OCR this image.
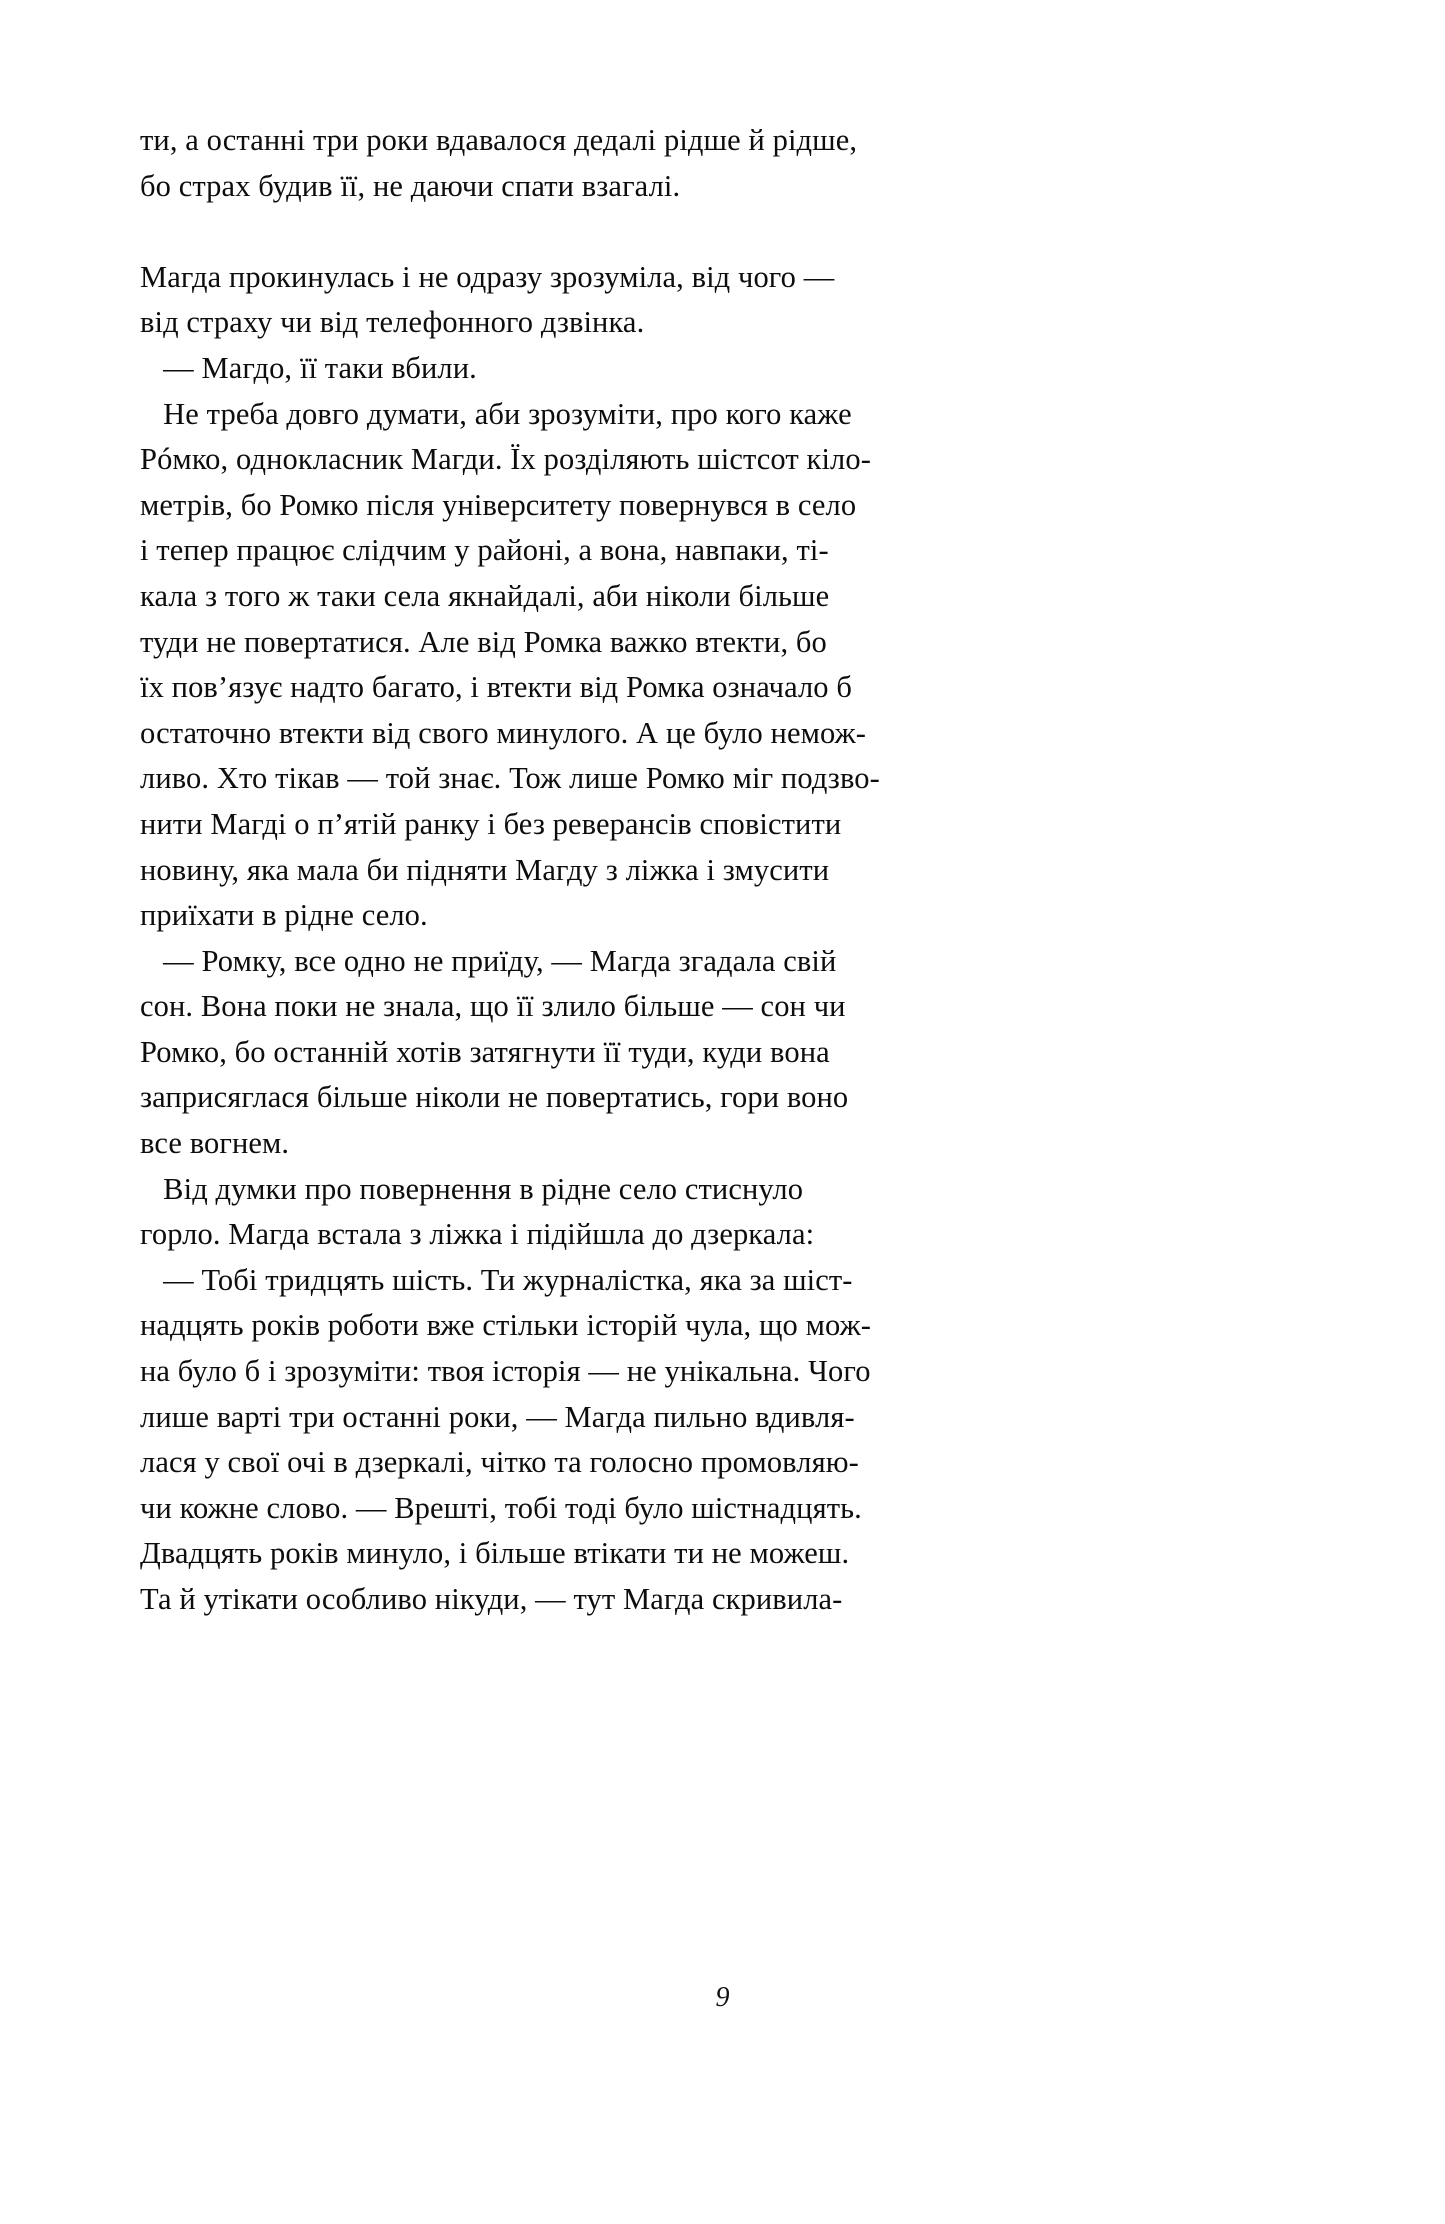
ти, а останні три роки вдавалося дедалі рідше й рідше,
бо страх будив її, не даючи спати взагалі.
Магда прокинулась і не одразу зрозуміла, від чого —
від страху чи від телефонного дзвінка.
— Магдо, її таки вбили.
Не треба довго думати, аби зрозуміти, про кого каже
Рóмко, однокласник Магди. Їх розділяють шістсот кіло-
метрів, бо Ромко після університету повернувся в село
і тепер працює слідчим у районі, а вона, навпаки, ті-
кала з того ж таки села якнайдалі, аби ніколи більше
туди не повертатися. Але від Ромка важко втекти, бо
їх пов’язує надто багато, і втекти від Ромка означало б
остаточно втекти від свого минулого. А це було немож-
ливо. Хто тікав — той знає. Тож лише Ромко міг подзво-
нити Магді о п’ятій ранку і без реверансів сповістити
новину, яка мала би підняти Магду з ліжка і змусити
приїхати в рідне село.
— Ромку, все одно не приїду, — Магда згадала свій
сон. Вона поки не знала, що її злило більше — сон чи
Ромко, бо останній хотів затягнути її туди, куди вона
заприсяглася більше ніколи не повертатись, гори воно
все вогнем.
Від думки про повернення в рідне село стиснуло
горло. Магда встала з ліжка і підійшла до дзеркала:
— Тобі тридцять шість. Ти журналістка, яка за шіст-
надцять років роботи вже стільки історій чула, що мож-
на було б і зрозуміти: твоя історія — не унікальна. Чого
лише варті три останні роки, — Магда пильно вдивля-
лася у свої очі в дзеркалі, чітко та голосно промовляю-
чи кожне слово. — Врешті, тобі тоді було шістнадцять.
Двадцять років минуло, і більше втікати ти не можеш.
Та й утікати особливо нікуди, — тут Магда скривила-
9
